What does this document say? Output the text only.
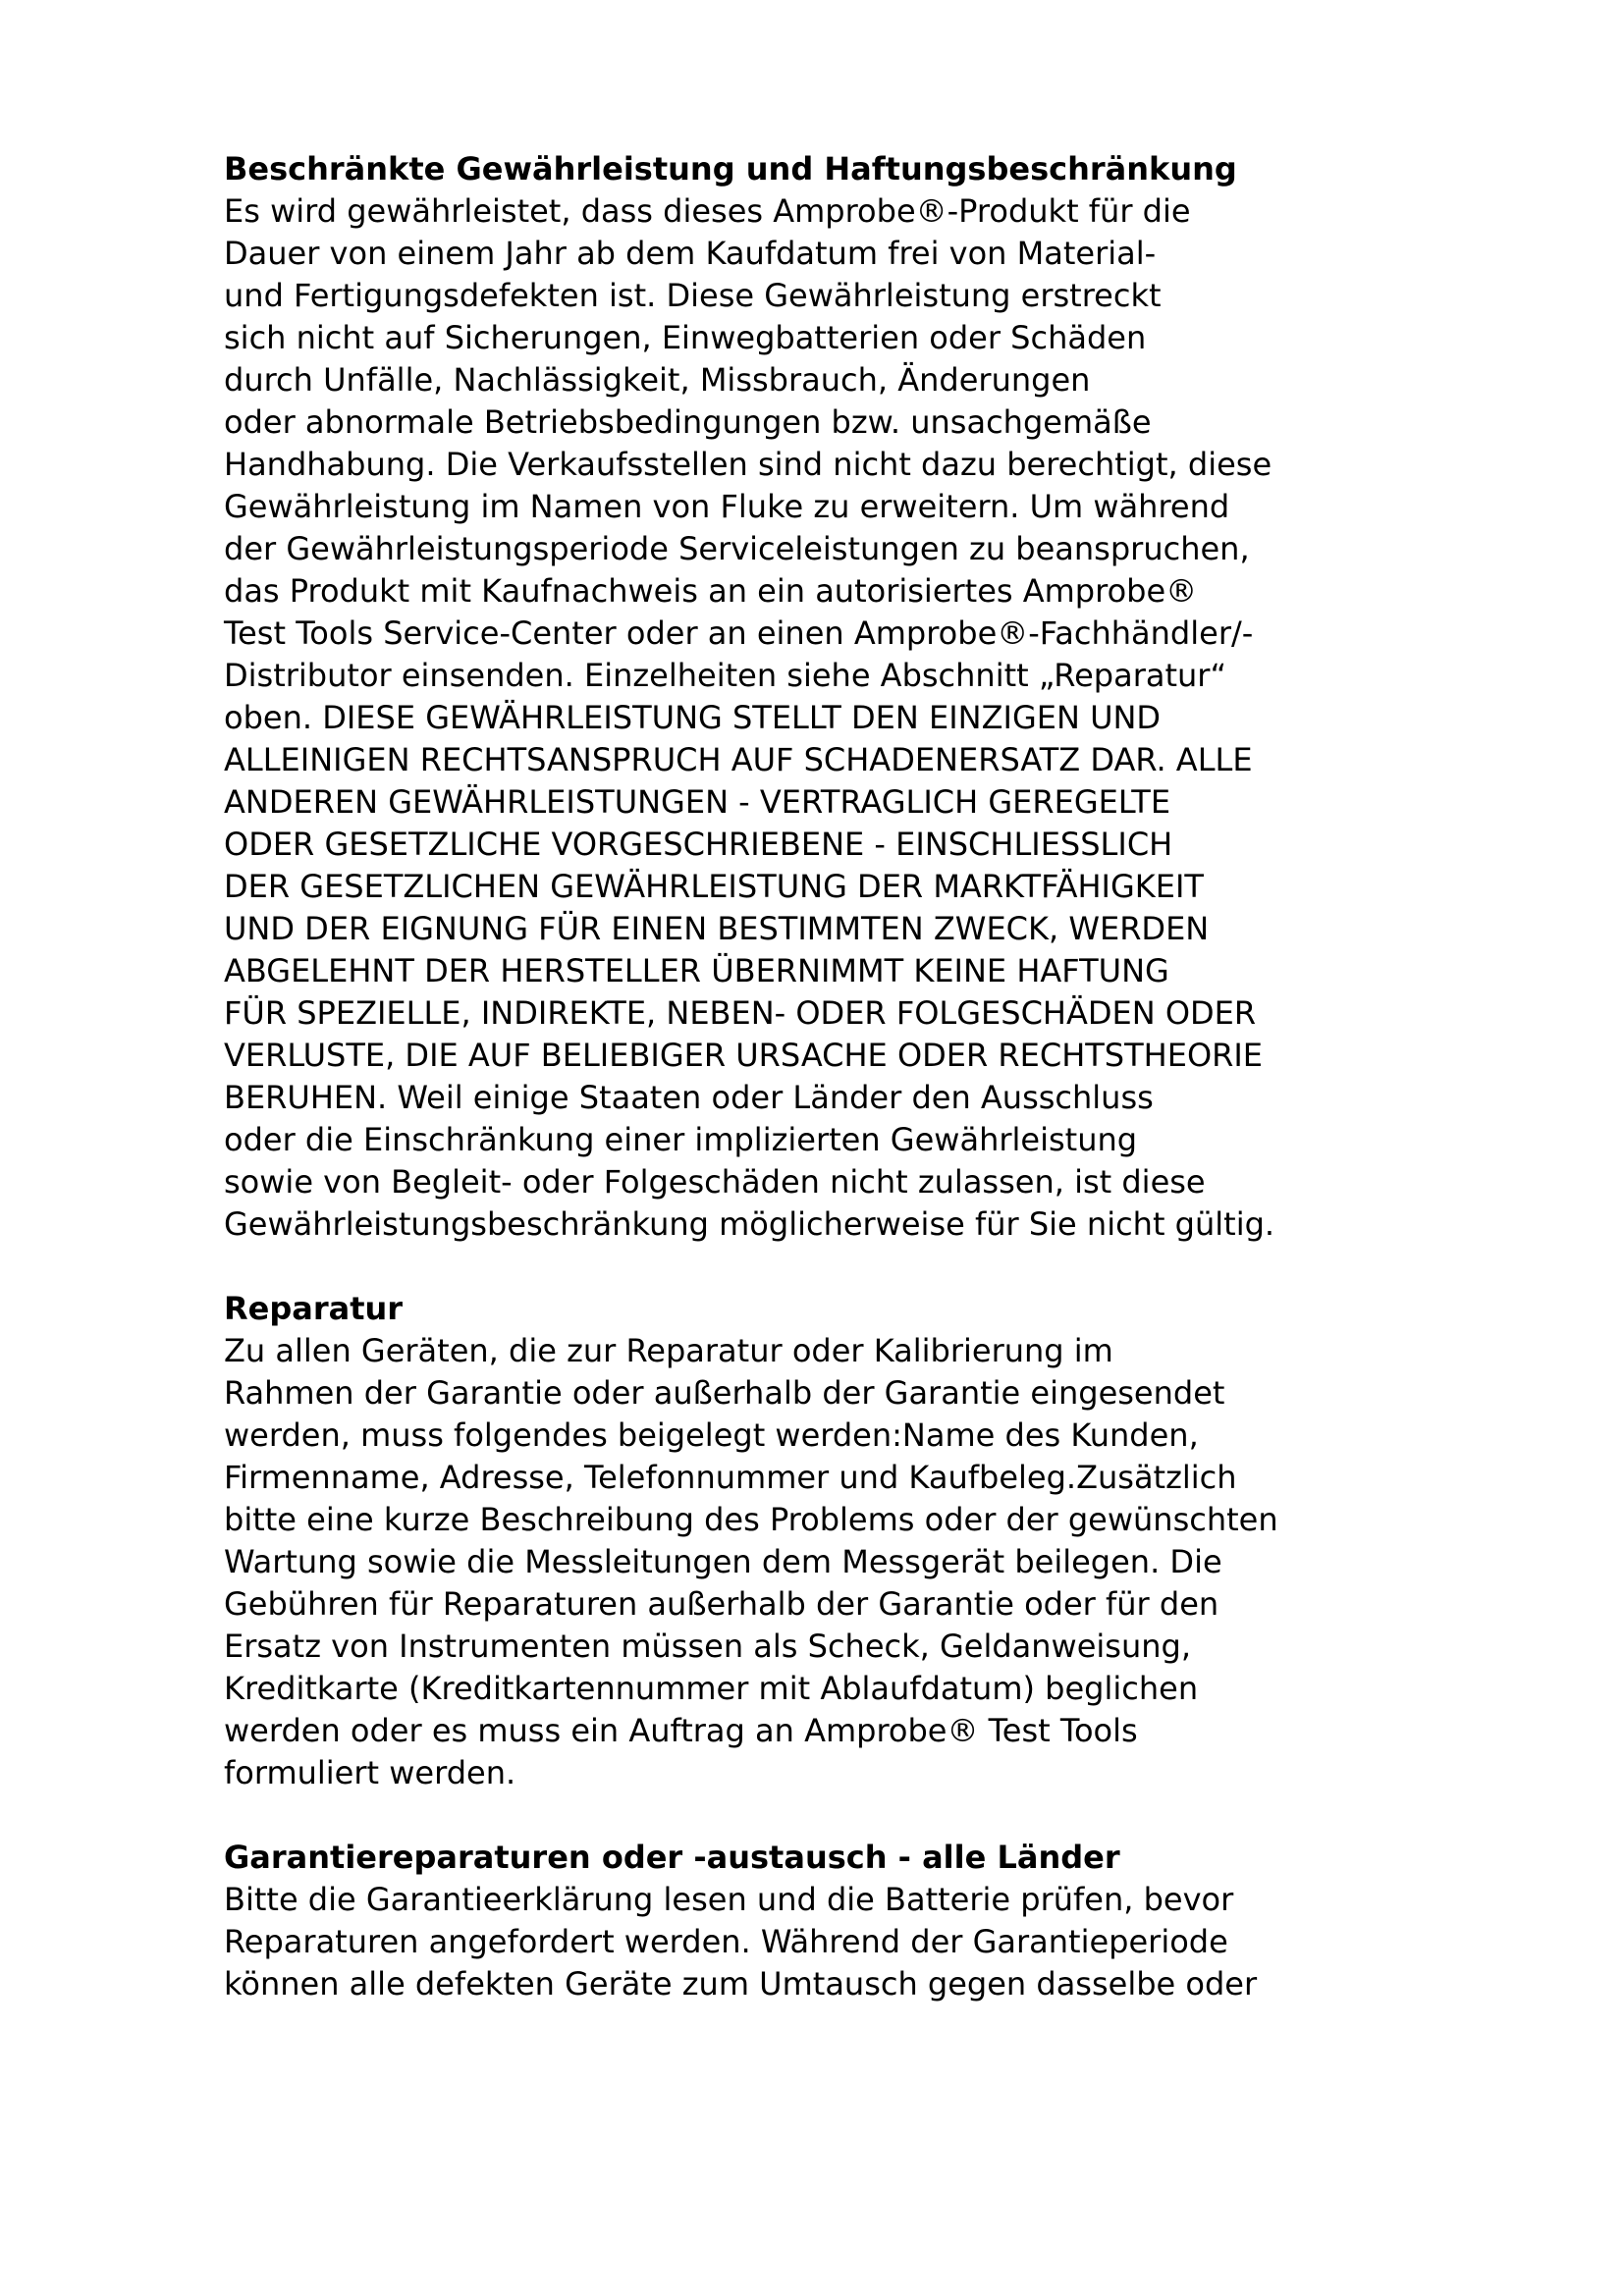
Beschränkte Gewährleistung und Haftungsbeschränkung

Es wird gewährleistet, dass dieses Amprobe®-Produkt für die

Dauer von einem Jahr ab dem Kaufdatum frei von Material-

und Fertigungsdefekten ist. Diese Gewährleistung erstreckt

sich nicht auf Sicherungen, Einwegbatterien oder Schäden

durch Unfälle, Nachlässigkeit, Missbrauch, Änderungen

oder abnormale Betriebsbedingungen bzw. unsachgemäße

Handhabung. Die Verkaufsstellen sind nicht dazu berechtigt, diese

Gewährleistung im Namen von Fluke zu erweitern. Um während

der Gewährleistungsperiode Serviceleistungen zu beanspruchen,

das Produkt mit Kaufnachweis an ein autorisiertes Amprobe®

Test Tools Service-Center oder an einen Amprobe®-Fachhändler/-

Distributor einsenden. Einzelheiten siehe Abschnitt „Reparatur“

oben. DIESE GEWÄHRLEISTUNG STELLT DEN EINZIGEN UND

ALLEINIGEN RECHTSANSPRUCH AUF SCHADENERSATZ DAR. ALLE

ANDEREN GEWÄHRLEISTUNGEN - VERTRAGLICH GEREGELTE

ODER GESETZLICHE VORGESCHRIEBENE - EINSCHLIESSLICH

DER GESETZLICHEN GEWÄHRLEISTUNG DER MARKTFÄHIGKEIT

UND DER EIGNUNG FÜR EINEN BESTIMMTEN ZWECK, WERDEN

ABGELEHNT DER HERSTELLER ÜBERNIMMT KEINE HAFTUNG

FÜR SPEZIELLE, INDIREKTE, NEBEN- ODER FOLGESCHÄDEN ODER

VERLUSTE, DIE AUF BELIEBIGER URSACHE ODER RECHTSTHEORIE

BERUHEN. Weil einige Staaten oder Länder den Ausschluss

oder die Einschränkung einer implizierten Gewährleistung

sowie von Begleit- oder Folgeschäden nicht zulassen, ist diese

Gewährleistungsbeschränkung möglicherweise für Sie nicht gültig.

Reparatur

Zu allen Geräten, die zur Reparatur oder Kalibrierung im

Rahmen der Garantie oder außerhalb der Garantie eingesendet

werden, muss folgendes beigelegt werden:Name des Kunden,

Firmenname, Adresse, Telefonnummer und Kaufbeleg.Zusätzlich

bitte eine kurze Beschreibung des Problems oder der gewünschten

Wartung sowie die Messleitungen dem Messgerät beilegen. Die

Gebühren für Reparaturen außerhalb der Garantie oder für den

Ersatz von Instrumenten müssen als Scheck, Geldanweisung,

Kreditkarte (Kreditkartennummer mit Ablaufdatum) beglichen

werden oder es muss ein Auftrag an Amprobe® Test Tools

formuliert werden.

Garantiereparaturen oder -austausch - alle Länder

Bitte die Garantieerklärung lesen und die Batterie prüfen, bevor

Reparaturen angefordert werden. Während der Garantieperiode

können alle defekten Geräte zum Umtausch gegen dasselbe oder
